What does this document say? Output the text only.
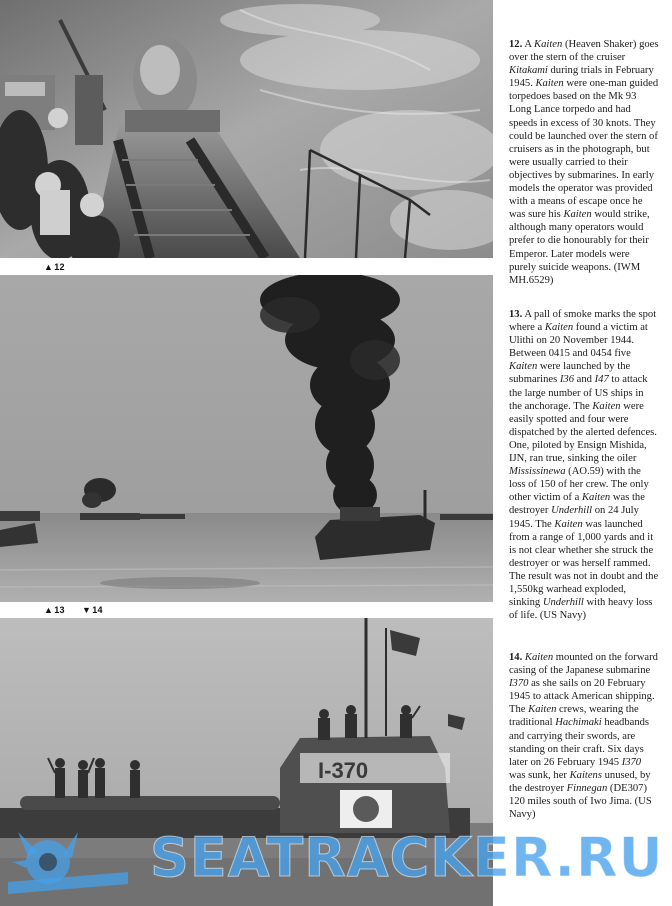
▲12
▲13 ▼14
I-370

12. A Kaiten (Heaven Shaker) goes over the stern of the cruiser Kitakami during trials in February 1945. Kaiten were one-man guided torpedoes based on the Mk 93 Long Lance torpedo and had speeds in excess of 30 knots. They could be launched over the stern of cruisers as in the photograph, but were usually carried to their objectives by submarines. In early models the operator was provided with a means of escape once he was sure his Kaiten would strike, although many operators would prefer to die honourably for their Emperor. Later models were purely suicide weapons. (IWM MH.6529)

13. A pall of smoke marks the spot where a Kaiten found a victim at Ulithi on 20 November 1944. Between 0415 and 0454 five Kaiten were launched by the submarines I36 and I47 to attack the large number of US ships in the anchorage. The Kaiten were easily spotted and four were dispatched by the alerted defences. One, piloted by Ensign Mishida, IJN, ran true, sinking the oiler Mississinewa (AO.59) with the loss of 150 of her crew. The only other victim of a Kaiten was the destroyer Underhill on 24 July 1945. The Kaiten was launched from a range of 1,000 yards and it is not clear whether she struck the destroyer or was herself rammed. The result was not in doubt and the 1,550kg warhead exploded, sinking Underhill with heavy loss of life. (US Navy)

14. Kaiten mounted on the forward casing of the Japanese submarine I370 as she sails on 20 February 1945 to attack American shipping. The Kaiten crews, wearing the traditional Hachimaki headbands and carrying their swords, are standing on their craft. Six days later on 26 February 1945 I370 was sunk, her Kaitens unused, by the destroyer Finnegan (DE307) 120 miles south of Iwo Jima. (US Navy)

SEATRACKER.RU
